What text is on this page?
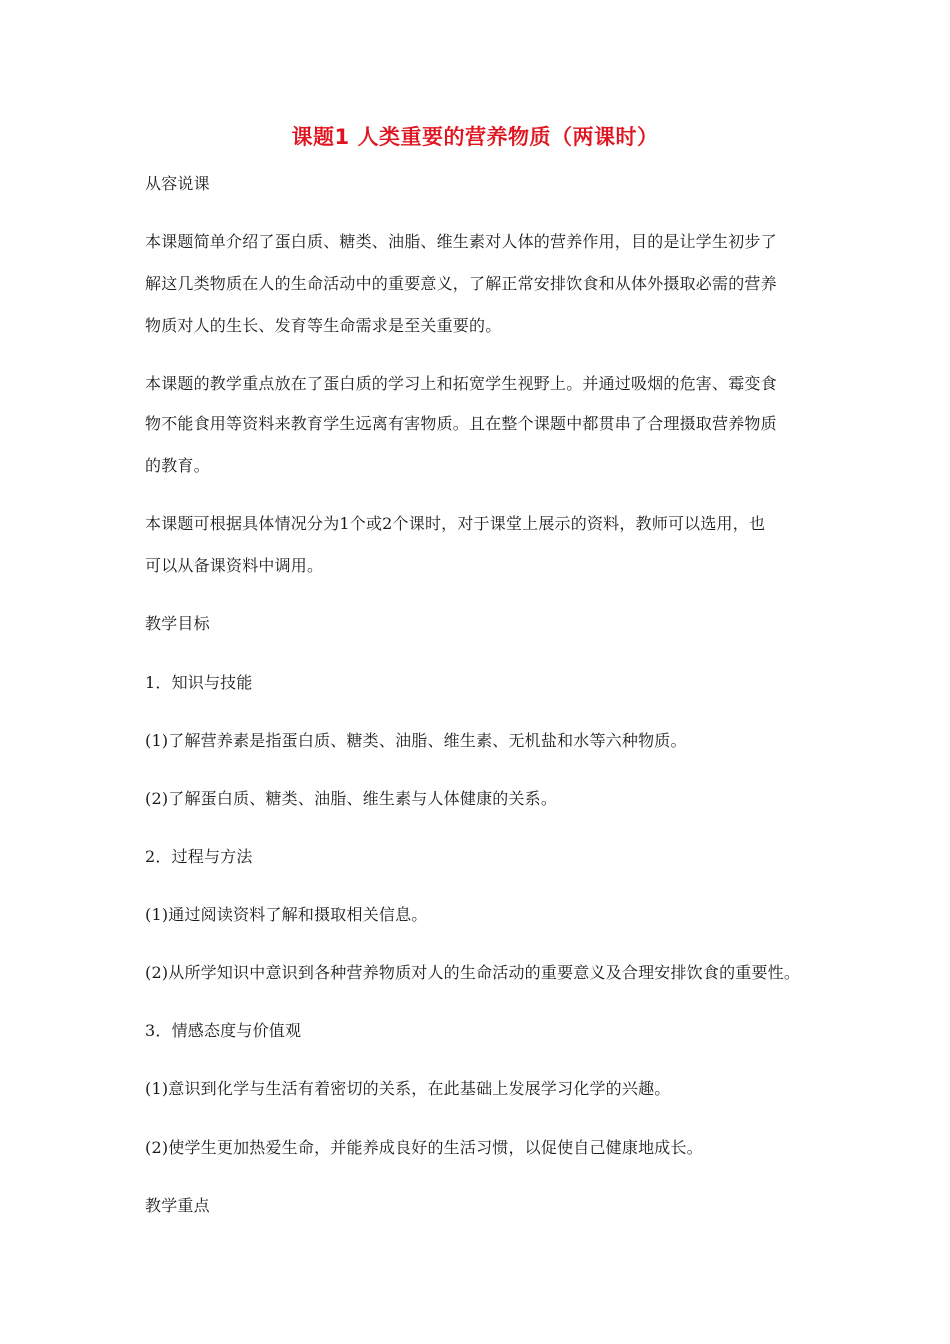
课题1 人类重要的营养物质（两课时）
从容说课
本课题简单介绍了蛋白质、糖类、油脂、维生素对人体的营养作用，目的是让学生初步了
解这几类物质在人的生命活动中的重要意义，了解正常安排饮食和从体外摄取必需的营养
物质对人的生长、发育等生命需求是至关重要的。
本课题的教学重点放在了蛋白质的学习上和拓宽学生视野上。并通过吸烟的危害、霉变食
物不能食用等资料来教育学生远离有害物质。且在整个课题中都贯串了合理摄取营养物质
的教育。
本课题可根据具体情况分为1个或2个课时，对于课堂上展示的资料，教师可以选用，也
可以从备课资料中调用。
教学目标
1．知识与技能
(1)了解营养素是指蛋白质、糖类、油脂、维生素、无机盐和水等六种物质。
(2)了解蛋白质、糖类、油脂、维生素与人体健康的关系。
2．过程与方法
(1)通过阅读资料了解和摄取相关信息。
(2)从所学知识中意识到各种营养物质对人的生命活动的重要意义及合理安排饮食的重要性。
3．情感态度与价值观
(1)意识到化学与生活有着密切的关系，在此基础上发展学习化学的兴趣。
(2)使学生更加热爱生命，并能养成良好的生活习惯，以促使自己健康地成长。
教学重点
